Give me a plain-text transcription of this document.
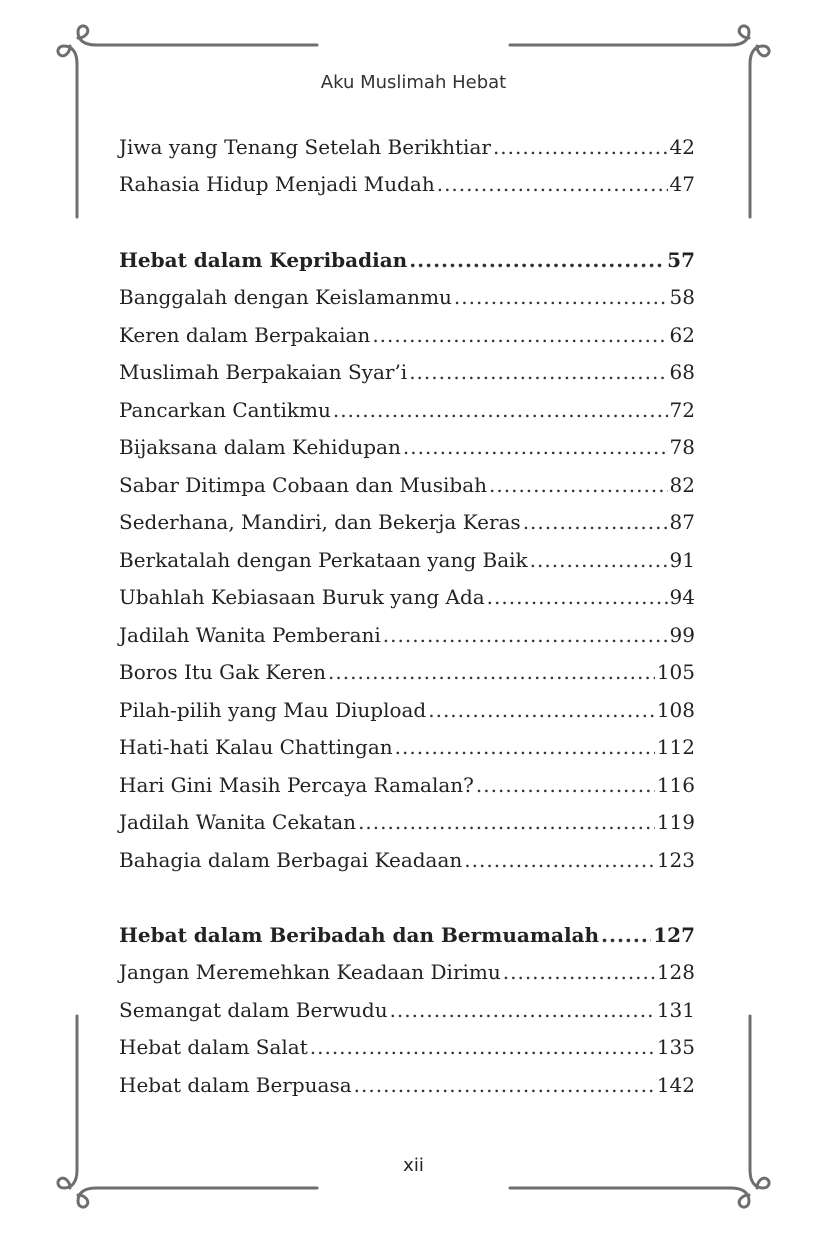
Aku Muslimah Hebat
Jiwa yang Tenang Setelah Berikhtiar .....	42
Rahasia Hidup Menjadi Mudah .....	47
Hebat dalam Kepribadian .....	57
Banggalah dengan Keislamanmu .....	58
Keren dalam Berpakaian .....	62
Muslimah Berpakaian Syar’i .....	68
Pancarkan Cantikmu .....	72
Bijaksana dalam Kehidupan .....	78
Sabar Ditimpa Cobaan dan Musibah .....	82
Sederhana, Mandiri, dan Bekerja Keras .....	87
Berkatalah dengan Perkataan yang Baik .....	91
Ubahlah Kebiasaan Buruk yang Ada .....	94
Jadilah Wanita Pemberani .....	99
Boros Itu Gak Keren .....	105
Pilah-pilih yang Mau Diupload .....	108
Hati-hati Kalau Chattingan .....	112
Hari Gini Masih Percaya Ramalan? .....	116
Jadilah Wanita Cekatan .....	119
Bahagia dalam Berbagai Keadaan .....	123
Hebat dalam Beribadah dan Bermuamalah .....	127
Jangan Meremehkan Keadaan Dirimu .....	128
Semangat dalam Berwudu .....	131
Hebat dalam Salat .....	135
Hebat dalam Berpuasa .....	142
xii
